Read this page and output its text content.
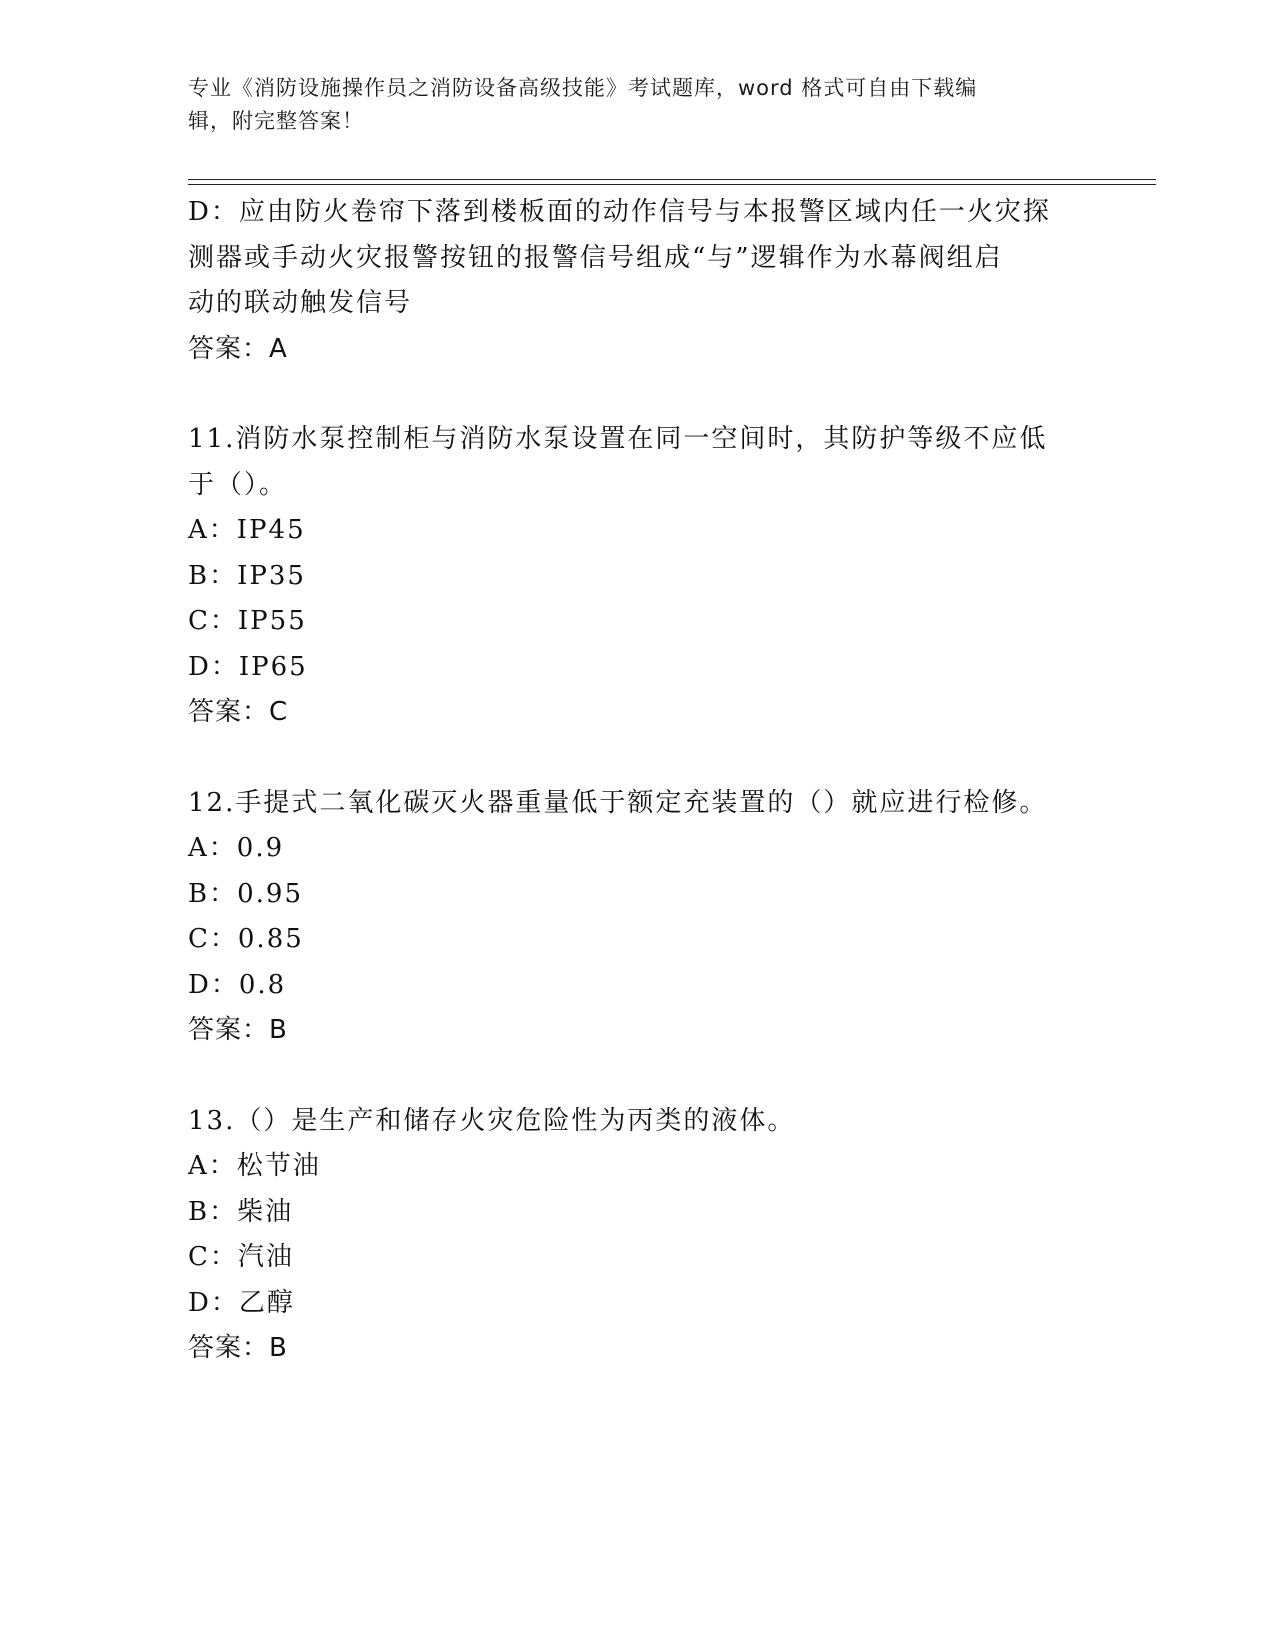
专业《消防设施操作员之消防设备高级技能》考试题库，word 格式可自由下载编
辑，附完整答案！
D：应由防火卷帘下落到楼板面的动作信号与本报警区域内任一火灾探
测器或手动火灾报警按钮的报警信号组成“与”逻辑作为水幕阀组启
动的联动触发信号
答案：A
11.消防水泵控制柜与消防水泵设置在同一空间时，其防护等级不应低
于（）。
A：IP45
B：IP35
C：IP55
D：IP65
答案：C
12.手提式二氧化碳灭火器重量低于额定充装置的（）就应进行检修。
A：0.9
B：0.95
C：0.85
D：0.8
答案：B
13.（）是生产和储存火灾危险性为丙类的液体。
A：松节油
B：柴油
C：汽油
D：乙醇
答案：B
